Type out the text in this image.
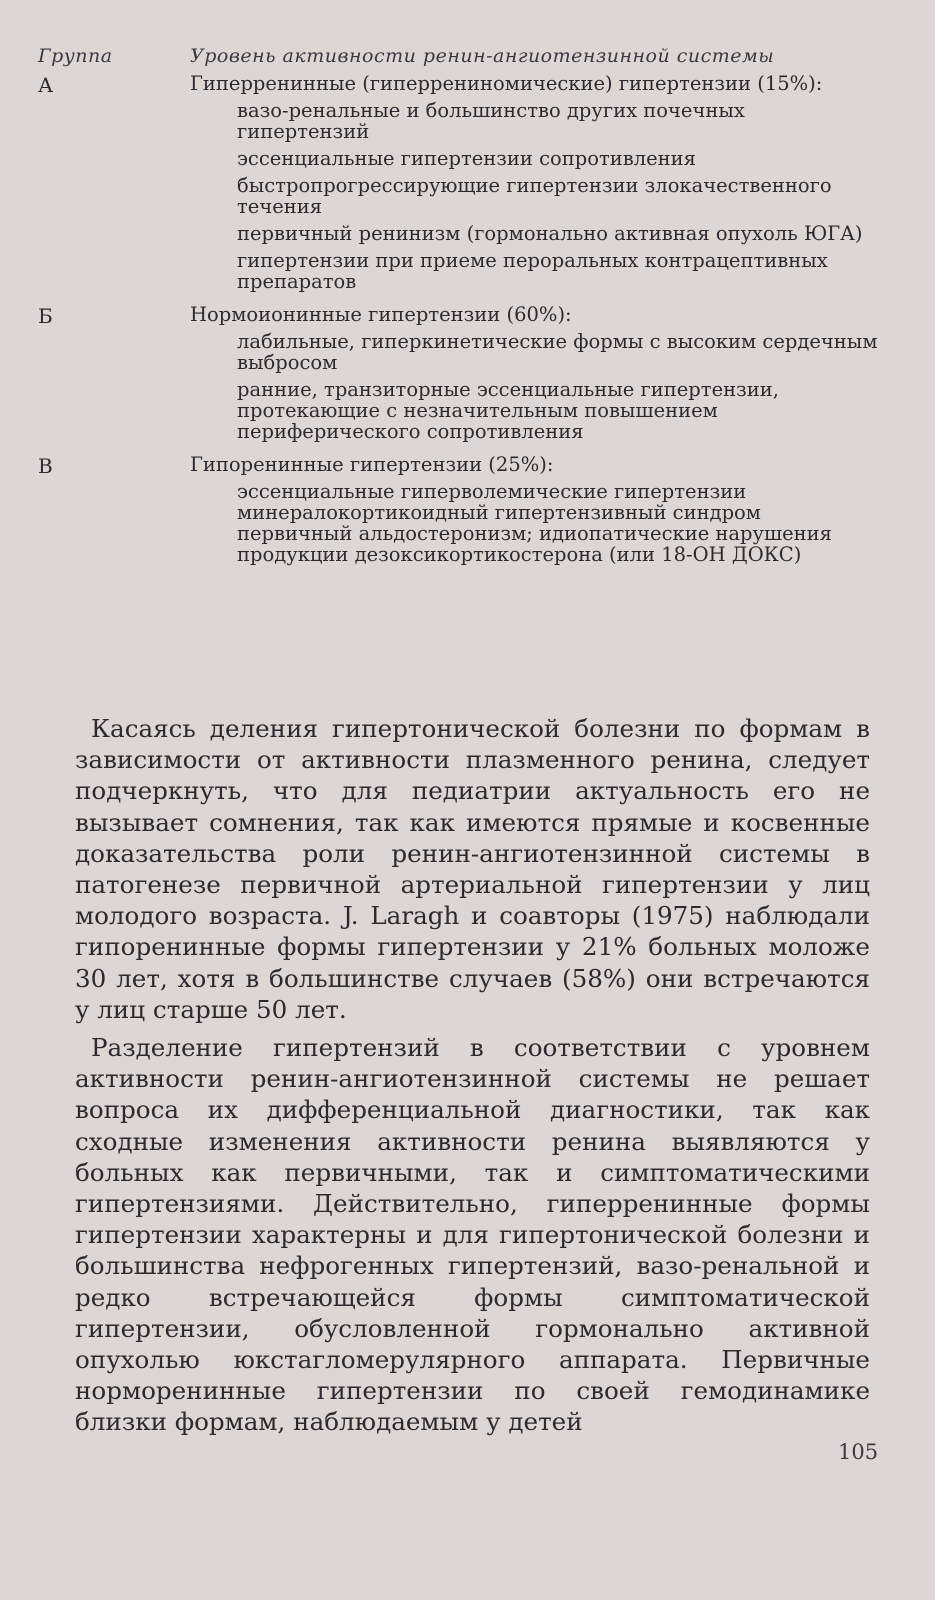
Группа	Уровень активности ренин-ангиотензинной системы
А	Гиперренинные (гиперрениномические) гипертензии (15%):
вазо-ренальные и большинство других почечных гипертензий
эссенциальные гипертензии сопротивления
быстропрогрессирующие гипертензии злокачественного течения
первичный ренинизм (гормонально активная опухоль ЮГА)
гипертензии при приеме пероральных контрацептивных препаратов
Б	Нормоионинные гипертензии (60%):
лабильные, гиперкинетические формы с высоким сердечным выбросом
ранние, транзиторные эссенциальные гипертензии, протекающие с незначительным повышением периферического сопротивления
В	Гипоренинные гипертензии (25%):
эссенциальные гиперволемические гипертензии минералокортикоидный гипертензивный синдром первичный альдостеронизм; идиопатические нарушения продукции дезоксикортикостерона (или 18-ОН ДОКС)

Касаясь деления гипертонической болезни по формам в зависимости от активности плазменного ренина, следует подчеркнуть, что для педиатрии актуальность его не вызывает сомнения, так как имеются прямые и косвенные доказательства роли ренин-ангиотензинной системы в патогенезе первичной артериальной гипертензии у лиц молодого возраста. J. Laragh и соавторы (1975) наблюдали гипоренинные формы гипертензии у 21% больных моложе 30 лет, хотя в большинстве случаев (58%) они встречаются у лиц старше 50 лет.

Разделение гипертензий в соответствии с уровнем активности ренин-ангиотензинной системы не решает вопроса их дифференциальной диагностики, так как сходные изменения активности ренина выявляются у больных как первичными, так и симптоматическими гипертензиями. Действительно, гиперренинные формы гипертензии характерны и для гипертонической болезни и большинства нефрогенных гипертензий, вазо-ренальной и редко встречающейся формы симптоматической гипертензии, обусловленной гормонально активной опухолью юкстагломерулярного аппарата. Первичные норморенинные гипертензии по своей гемодинамике близки формам, наблюдаемым у детей

105
